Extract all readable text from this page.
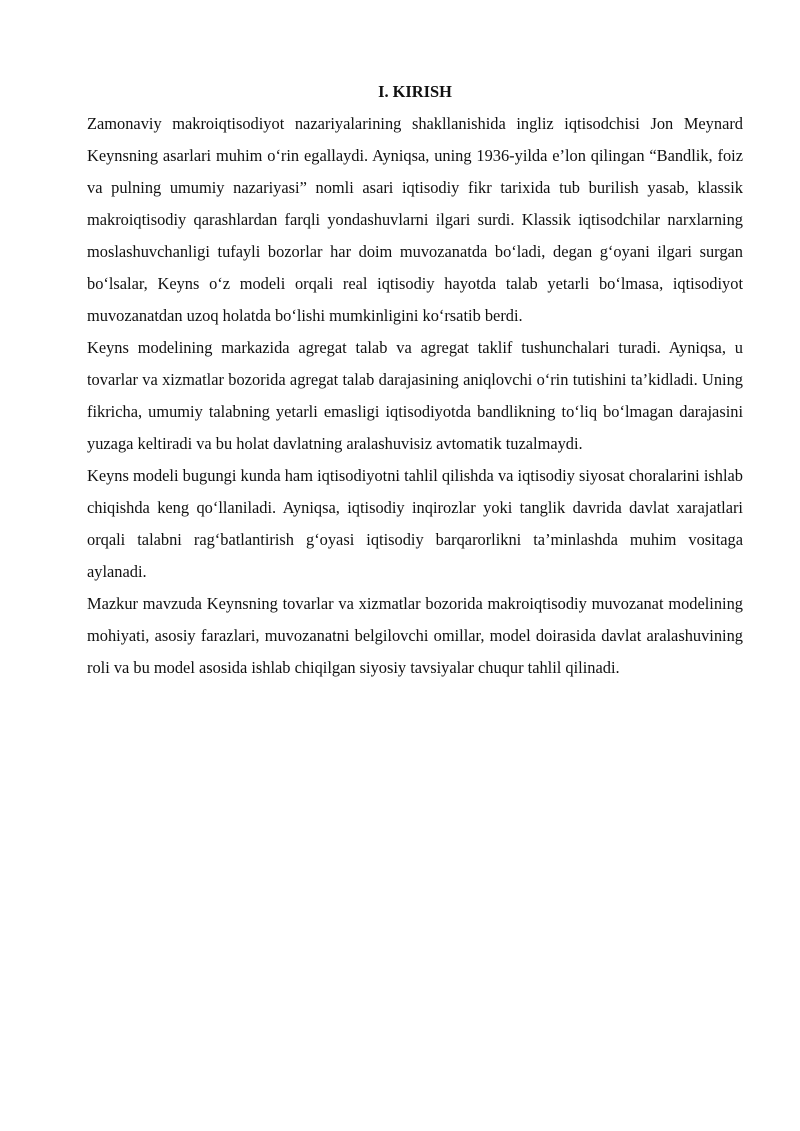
I. KIRISH

Zamonaviy makroiqtisodiyot nazariyalarining shakllanishida ingliz iqtisodchisi Jon Meynard Keynsning asarlari muhim o‘rin egallaydi. Ayniqsa, uning 1936-yilda e’lon qilingan “Bandlik, foiz va pulning umumiy nazariyasi” nomli asari iqtisodiy fikr tarixida tub burilish yasab, klassik makroiqtisodiy qarashlardan farqli yondashuvlarni ilgari surdi. Klassik iqtisodchilar narxlarning moslashuvchanligi tufayli bozorlar har doim muvozanatda bo‘ladi, degan g‘oyani ilgari surgan bo‘lsalar, Keyns o‘z modeli orqali real iqtisodiy hayotda talab yetarli bo‘lmasa, iqtisodiyot muvozanatdan uzoq holatda bo‘lishi mumkinligini ko‘rsatib berdi.

Keyns modelining markazida agregat talab va agregat taklif tushunchalari turadi. Ayniqsa, u tovarlar va xizmatlar bozorida agregat talab darajasining aniqlovchi o‘rin tutishini ta’kidladi. Uning fikricha, umumiy talabning yetarli emasligi iqtisodiyotda bandlikning to‘liq bo‘lmagan darajasini yuzaga keltiradi va bu holat davlatning aralashuvisiz avtomatik tuzalmaydi.

Keyns modeli bugungi kunda ham iqtisodiyotni tahlil qilishda va iqtisodiy siyosat choralarini ishlab chiqishda keng qo‘llaniladi. Ayniqsa, iqtisodiy inqirozlar yoki tanglik davrida davlat xarajatlari orqali talabni rag‘batlantirish g‘oyasi iqtisodiy barqarorlikni ta’minlashda muhim vositaga aylanadi.

Mazkur mavzuda Keynsning tovarlar va xizmatlar bozorida makroiqtisodiy muvozanat modelining mohiyati, asosiy farazlari, muvozanatni belgilovchi omillar, model doirasida davlat aralashuvining roli va bu model asosida ishlab chiqilgan siyosiy tavsiyalar chuqur tahlil qilinadi.
